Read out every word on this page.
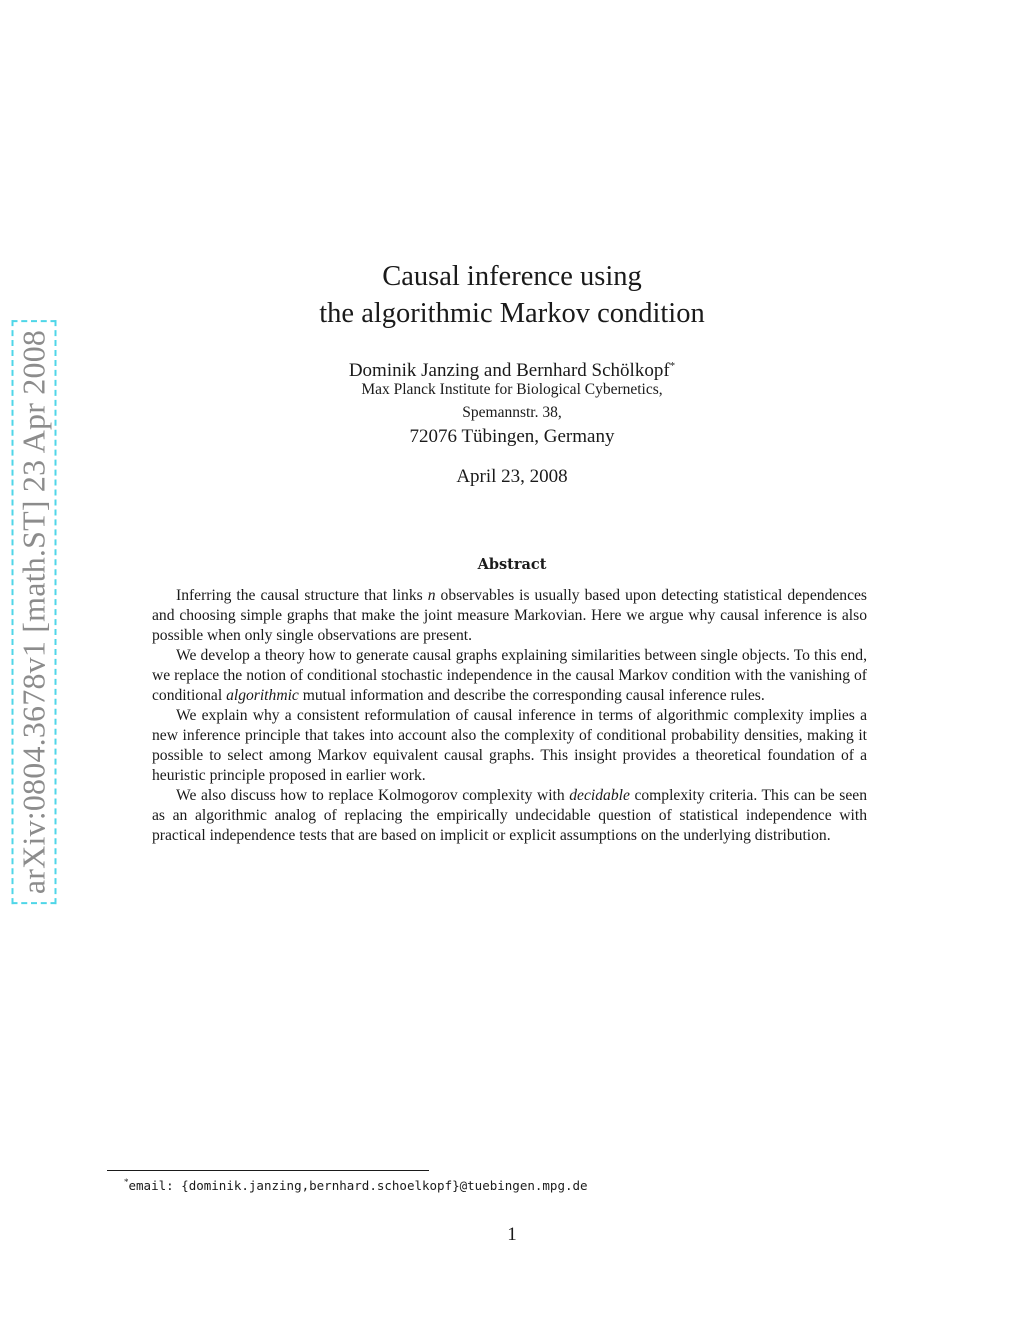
arXiv:0804.3678v1 [math.ST] 23 Apr 2008
Causal inference using
the algorithmic Markov condition
Dominik Janzing and Bernhard Schölkopf*
Max Planck Institute for Biological Cybernetics,
Spemannstr. 38,
72076 Tübingen, Germany
April 23, 2008
Abstract

Inferring the causal structure that links n observables is usually based upon detecting statistical dependences and choosing simple graphs that make the joint measure Markovian. Here we argue why causal inference is also possible when only single observations are present.

We develop a theory how to generate causal graphs explaining similarities between single objects. To this end, we replace the notion of conditional stochastic independence in the causal Markov condition with the vanishing of conditional algorithmic mutual information and describe the corresponding causal inference rules.

We explain why a consistent reformulation of causal inference in terms of algorithmic complexity implies a new inference principle that takes into account also the complexity of conditional probability densities, making it possible to select among Markov equivalent causal graphs. This insight provides a theoretical foundation of a heuristic principle proposed in earlier work.

We also discuss how to replace Kolmogorov complexity with decidable complexity criteria. This can be seen as an algorithmic analog of replacing the empirically undecidable question of statistical independence with practical independence tests that are based on implicit or explicit assumptions on the underlying distribution.

*email: {dominik.janzing,bernhard.schoelkopf}@tuebingen.mpg.de
1
